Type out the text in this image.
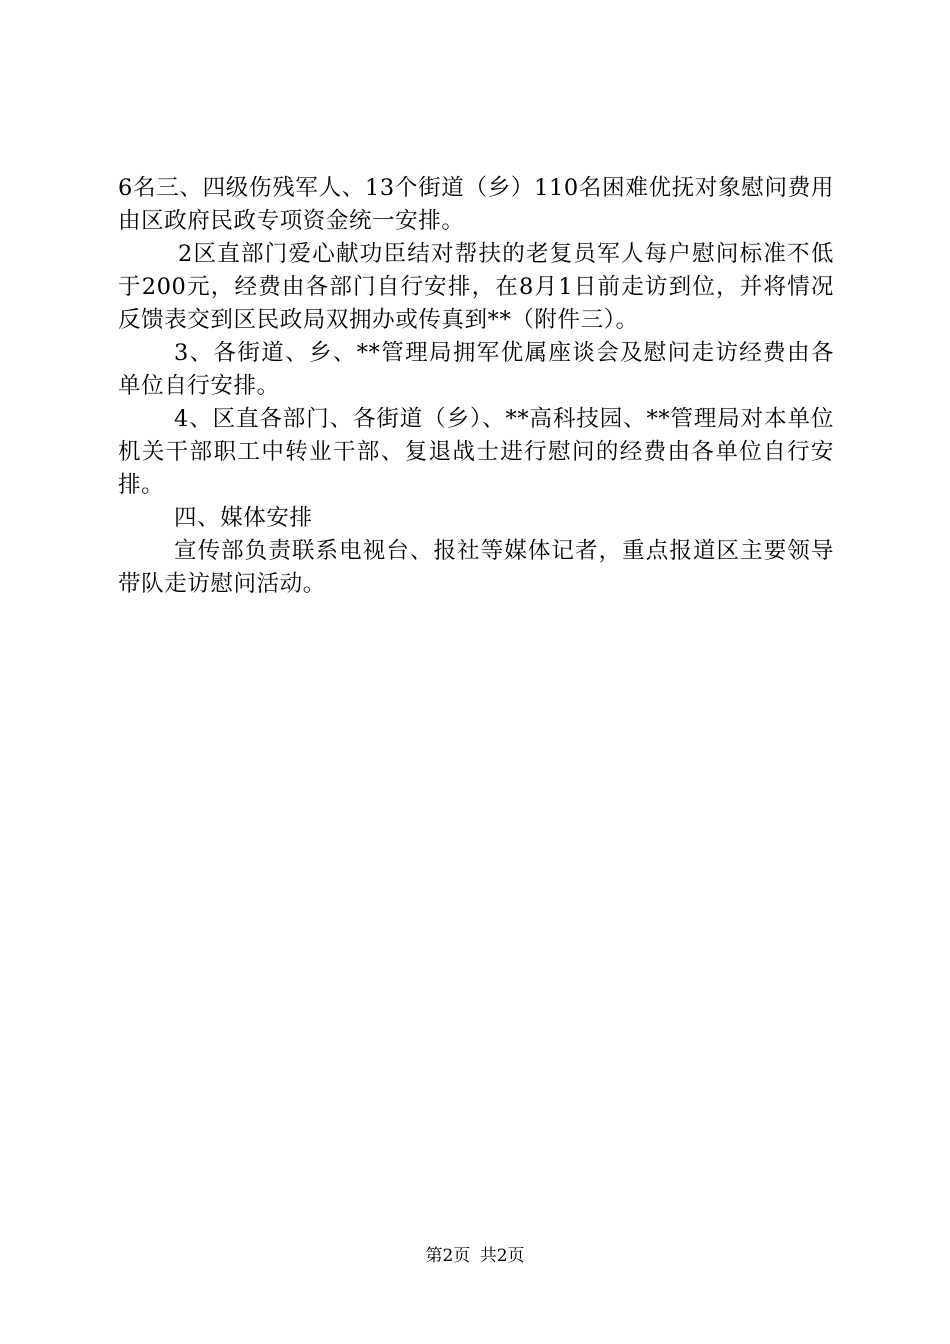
6名三、四级伤残军人、13个街道（乡）110名困难优抚对象慰问费用由区政府民政专项资金统一安排。

2区直部门爱心献功臣结对帮扶的老复员军人每户慰问标准不低于200元，经费由各部门自行安排，在8月1日前走访到位，并将情况反馈表交到区民政局双拥办或传真到**（附件三）。

3、各街道、乡、**管理局拥军优属座谈会及慰问走访经费由各单位自行安排。

4、区直各部门、各街道（乡）、**高科技园、**管理局对本单位机关干部职工中转业干部、复退战士进行慰问的经费由各单位自行安排。

四、媒体安排

宣传部负责联系电视台、报社等媒体记者，重点报道区主要领导带队走访慰问活动。

第2页 共2页
